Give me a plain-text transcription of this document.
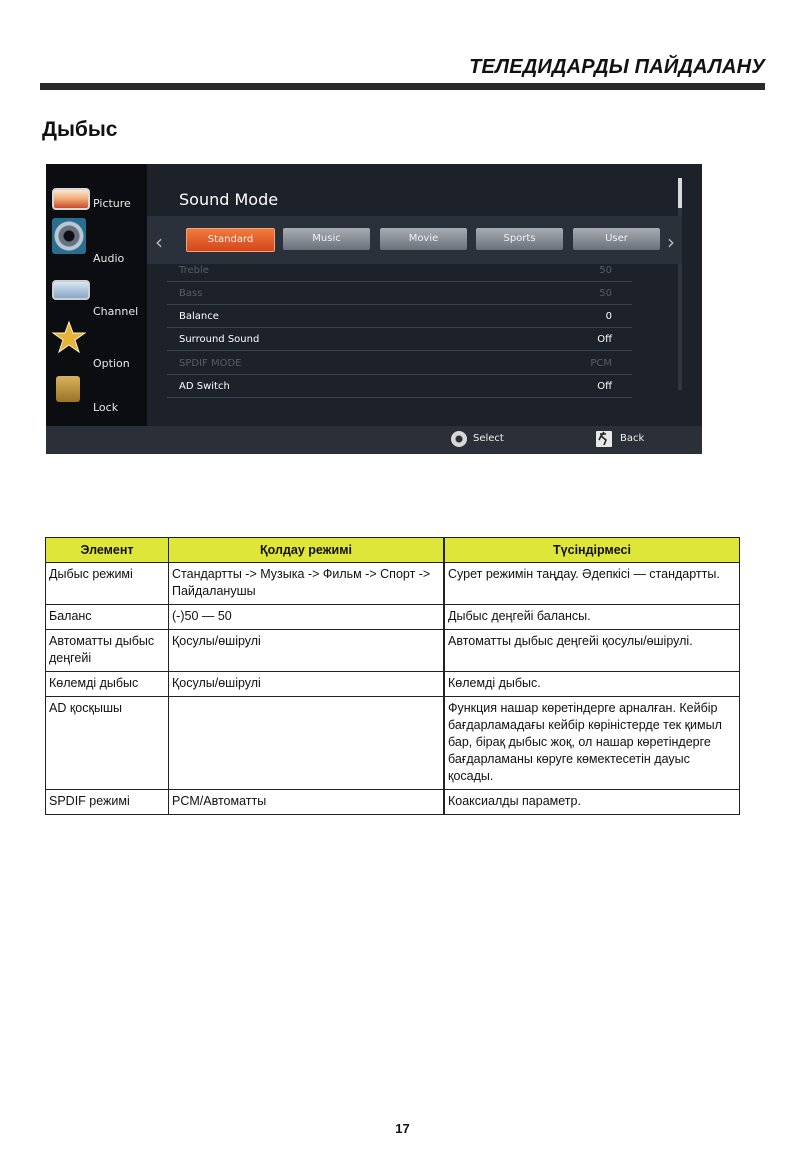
ТЕЛЕДИДАРДЫ ПАЙДАЛАНУ
Дыбыс
Picture
Audio
Channel
Option
Lock
Sound Mode
‹	Standard	Music	Movie	Sports	User	›
Treble	50
Bass	50
Balance	0
Surround Sound	Off
SPDIF MODE	PCM
AD Switch	Off
Select	Back
Элемент	Қолдау режимі	Түсіндірмесі
Дыбыс режимі	Стандартты -> Музыка -> Фильм -> Спорт -> Пайдаланушы	Сурет режимін таңдау. Әдепкісі — стандартты.
Баланс	(-)50 — 50	Дыбыс деңгейі балансы.
Автоматты дыбыс деңгейі	Қосулы/өшірулі	Автоматты дыбыс деңгейі қосулы/өшірулі.
Көлемді дыбыс	Қосулы/өшірулі	Көлемді дыбыс.
AD қосқышы		Функция нашар көретіндерге арналған. Кейбір бағдарламадағы кейбір көріністерде тек қимыл бар, бірақ дыбыс жоқ, ол нашар көретіндерге бағдарламаны көруге көмектесетін дауыс қосады.
SPDIF режимі	PCM/Автоматты	Коаксиалды параметр.
17
